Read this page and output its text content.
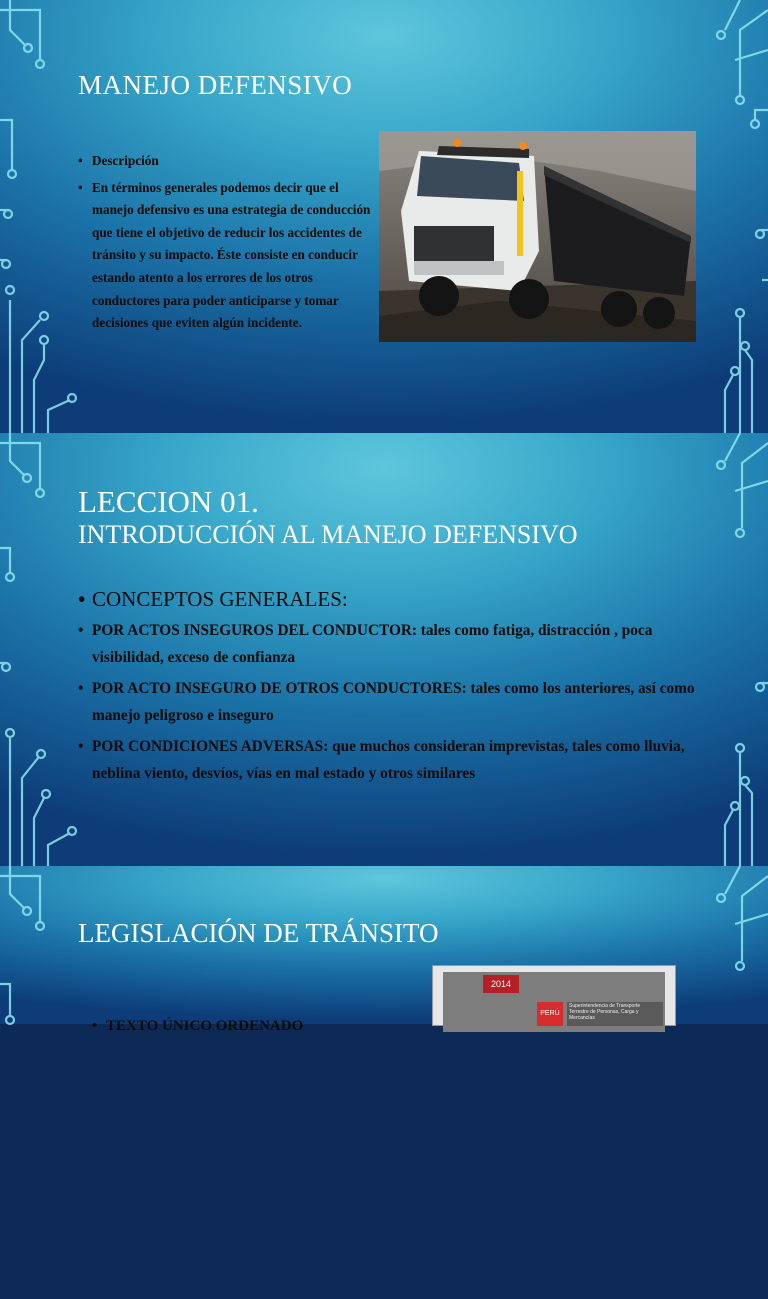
MANEJO DEFENSIVO
• Descripción
• En términos generales podemos decir que el manejo defensivo es una estrategia de conducción que tiene el objetivo de reducir los accidentes de tránsito y su impacto. Éste consiste en conducir estando atento a los errores de los otros conductores para poder anticiparse y tomar decisiones que eviten algún incidente.
LECCION 01.
INTRODUCCIÓN AL MANEJO DEFENSIVO
• CONCEPTOS GENERALES:
• POR ACTOS INSEGUROS DEL CONDUCTOR: tales como fatiga, distracción , poca visibilidad, exceso de confianza
• POR ACTO INSEGURO DE OTROS CONDUCTORES: tales como los anteriores, así como manejo peligroso e inseguro
• POR CONDICIONES ADVERSAS: que muchos consideran imprevistas, tales como lluvia, neblina viento, desvíos, vías en mal estado y otros similares
LEGISLACIÓN DE TRÁNSITO
• TEXTO ÚNICO ORDENADO
2014
PERÚ
Superintendencia de Transporte Terrestre de Personas, Carga y Mercancías
